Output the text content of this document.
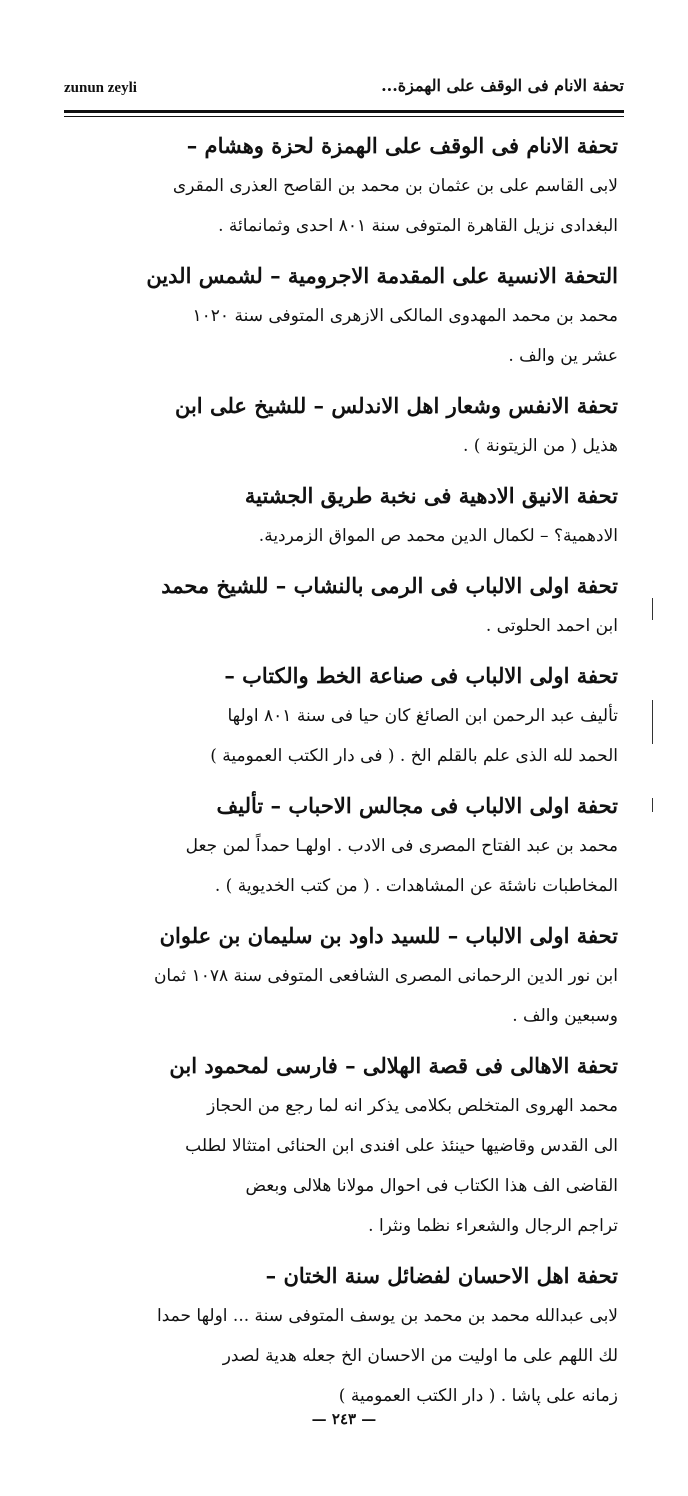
zunun zeyli	تحفة الانام فى الوقف على الهمزة...
تحفة الانام فى الوقف على الهمزة لحزة وهشام –
لابى القاسم على بن عثمان بن محمد بن القاصح العذرى المقرى
البغدادى نزيل القاهرة المتوفى سنة ٨٠١ احدى وثمانمائة .
التحفة الانسية على المقدمة الاجرومية – لشمس الدين
محمد بن محمد المهدوى المالكى الازهرى المتوفى سنة ١٠٢٠
عشر ين والف .
تحفة الانفس وشعار اهل الاندلس – للشيخ على ابن
هذيل ( من الزيتونة ) .
تحفة الانيق الادهية فى نخبة طريق الجشتية
الادهمية؟ – لكمال الدين محمد ص المواق الزمردية.
تحفة اولى الالباب فى الرمى بالنشاب – للشيخ محمد
ابن احمد الحلوتى .
تحفة اولى الالباب فى صناعة الخط والكتاب –
تأليف عبد الرحمن ابن الصائغ كان حيا فى سنة ٨٠١ اولها
الحمد لله الذى علم بالقلم الخ . ( فى دار الكتب العمومية )
تحفة اولى الالباب فى مجالس الاحباب – تأليف
محمد بن عبد الفتاح المصرى فى الادب . اولهـا حمداً لمن جعل
المخاطبات ناشئة عن المشاهدات . ( من كتب الخديوية ) .
تحفة اولى الالباب – للسيد داود بن سليمان بن علوان
ابن نور الدين الرحمانى المصرى الشافعى المتوفى سنة ١٠٧٨ ثمان
وسبعين والف .
تحفة الاهالى فى قصة الهلالى – فارسى لمحمود ابن
محمد الهروى المتخلص بكلامى يذكر انه لما رجع من الحجاز
الى القدس وقاضيها حينئذ على افندى ابن الحنائى امتثالا لطلب
القاضى الف هذا الكتاب فى احوال مولانا هلالى وبعض
تراجم الرجال والشعراء نظما ونثرا .
تحفة اهل الاحسان لفضائل سنة الختان –
لابى عبدالله محمد بن محمد بن يوسف المتوفى سنة ... اولها حمدا
لك اللهم على ما اوليت من الاحسان الخ جعله هدية لصدر
زمانه على پاشا . ( دار الكتب العمومية )
— ٢٤٣ —
